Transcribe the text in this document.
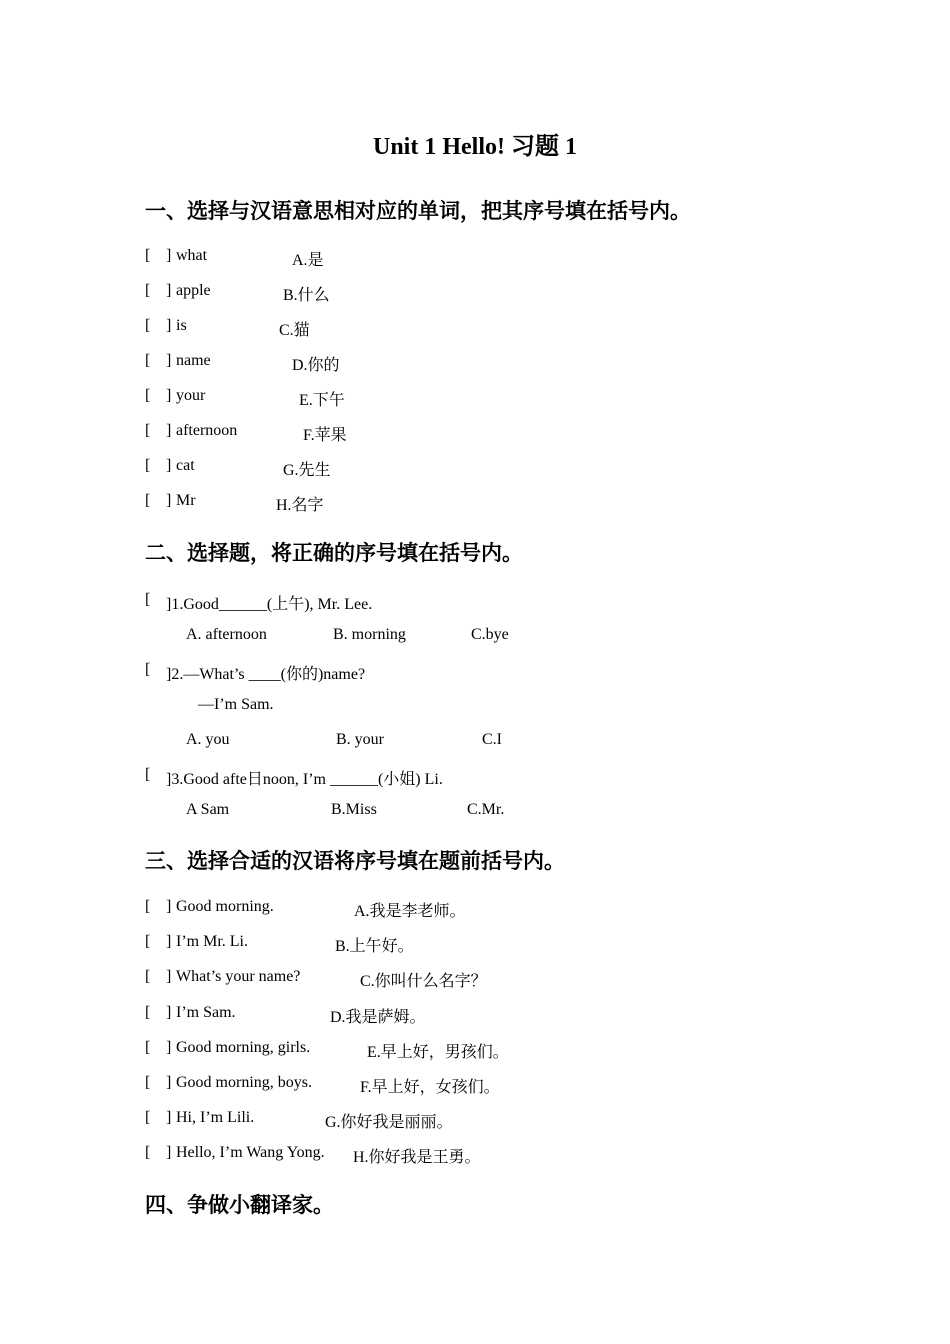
Unit 1 Hello! 习题 1
一、选择与汉语意思相对应的单词，把其序号填在括号内。
[ ] what	A.是
[ ] apple	B.什么
[ ] is	C.猫
[ ] name	D.你的
[ ] your	E.下午
[ ] afternoon	F.苹果
[ ] cat	G.先生
[ ] Mr	H.名字
二、选择题，将正确的序号填在括号内。
[ ]1.Good______(上午), Mr. Lee.
A. afternoon	B. morning	C.bye
[ ]2.—What’s ____(你的)name?
—I’m Sam.
A. you	B. your	C.I
[ ]3.Good afte日noon, I’m ______(小姐) Li.
A Sam	B.Miss	C.Mr.
三、选择合适的汉语将序号填在题前括号内。
[ ] Good morning.	A.我是李老师。
[ ] I’m Mr. Li.	B.上午好。
[ ] What’s your name?	C.你叫什么名字？
[ ] I’m Sam.	D.我是萨姆。
[ ] Good morning, girls.	E.早上好，男孩们。
[ ] Good morning, boys.	F.早上好，女孩们。
[ ] Hi, I’m Lili.	G.你好我是丽丽。
[ ] Hello, I’m Wang Yong. H.你好我是王勇。
四、争做小翻译家。
